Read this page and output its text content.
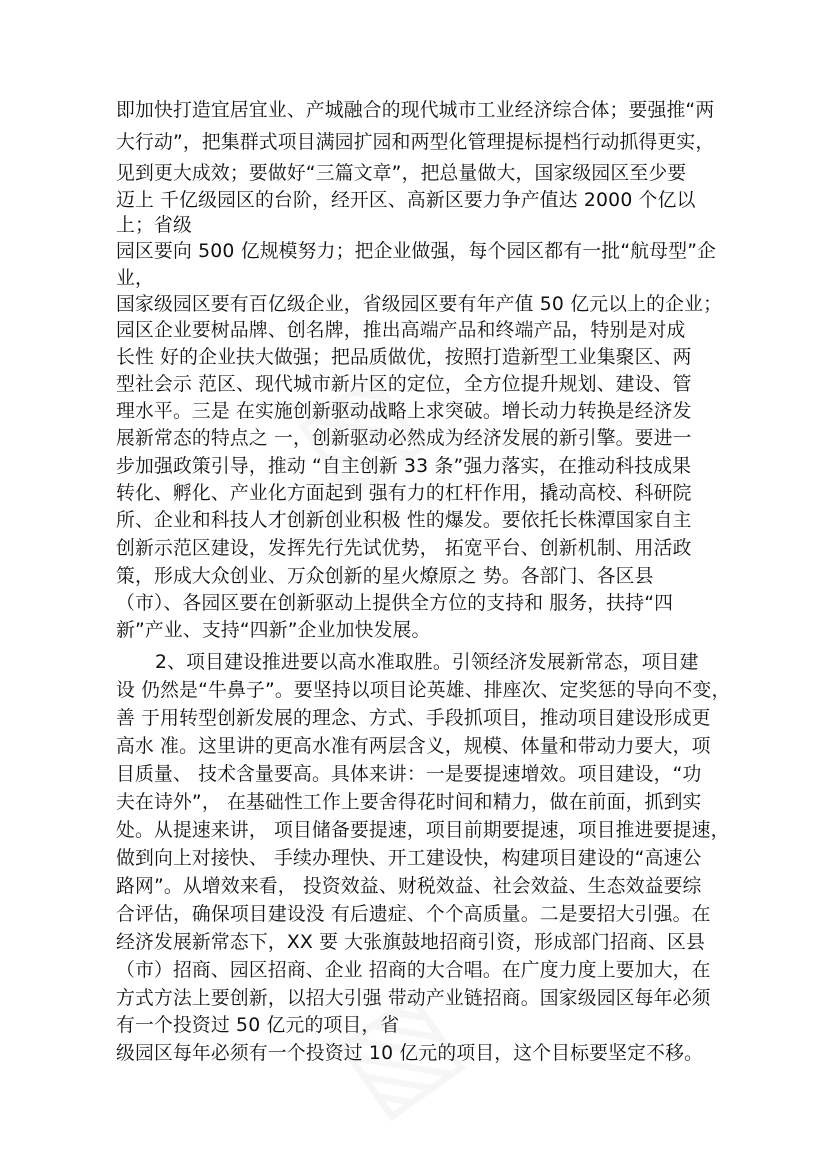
即加快打造宜居宜业、产城融合的现代城市工业经济综合体；要强推“两
大行动”，把集群式项目满园扩园和两型化管理提标提档行动抓得更实，
见到更大成效；要做好“三篇文章”，把总量做大，国家级园区至少要
迈上 千亿级园区的台阶，经开区、高新区要力争产值达 2000 个亿以
上；省级
园区要向 500 亿规模努力；把企业做强，每个园区都有一批“航母型”企
业，
国家级园区要有百亿级企业，省级园区要有年产值 50 亿元以上的企业；
园区企业要树品牌、创名牌，推出高端产品和终端产品，特别是对成
长性 好的企业扶大做强；把品质做优，按照打造新型工业集聚区、两
型社会示 范区、现代城市新片区的定位，全方位提升规划、建设、管
理水平。三是 在实施创新驱动战略上求突破。增长动力转换是经济发
展新常态的特点之 一，创新驱动必然成为经济发展的新引擎。要进一
步加强政策引导，推动 “自主创新 33 条”强力落实，在推动科技成果
转化、孵化、产业化方面起到 强有力的杠杆作用，撬动高校、科研院
所、企业和科技人才创新创业积极 性的爆发。要依托长株潭国家自主
创新示范区建设，发挥先行先试优势， 拓宽平台、创新机制、用活政
策，形成大众创业、万众创新的星火燎原之 势。各部门、各区县
（市）、各园区要在创新驱动上提供全方位的支持和 服务，扶持“四
新”产业、支持“四新”企业加快发展。
2、项目建设推进要以高水准取胜。引领经济发展新常态，项目建
设 仍然是“牛鼻子”。要坚持以项目论英雄、排座次、定奖惩的导向不变，
善 于用转型创新发展的理念、方式、手段抓项目，推动项目建设形成更
高水 准。这里讲的更高水准有两层含义，规模、体量和带动力要大，项
目质量、 技术含量要高。具体来讲：一是要提速增效。项目建设，“功
夫在诗外”， 在基础性工作上要舍得花时间和精力，做在前面，抓到实
处。从提速来讲， 项目储备要提速，项目前期要提速，项目推进要提速，
做到向上对接快、 手续办理快、开工建设快，构建项目建设的“高速公
路网”。从增效来看， 投资效益、财税效益、社会效益、生态效益要综
合评估，确保项目建设没 有后遗症、个个高质量。二是要招大引强。在
经济发展新常态下，XX 要 大张旗鼓地招商引资，形成部门招商、区县
（市）招商、园区招商、企业 招商的大合唱。在广度力度上要加大，在
方式方法上要创新，以招大引强 带动产业链招商。国家级园区每年必须
有一个投资过 50 亿元的项目，省
级园区每年必须有一个投资过 10 亿元的项目，这个目标要坚定不移。
